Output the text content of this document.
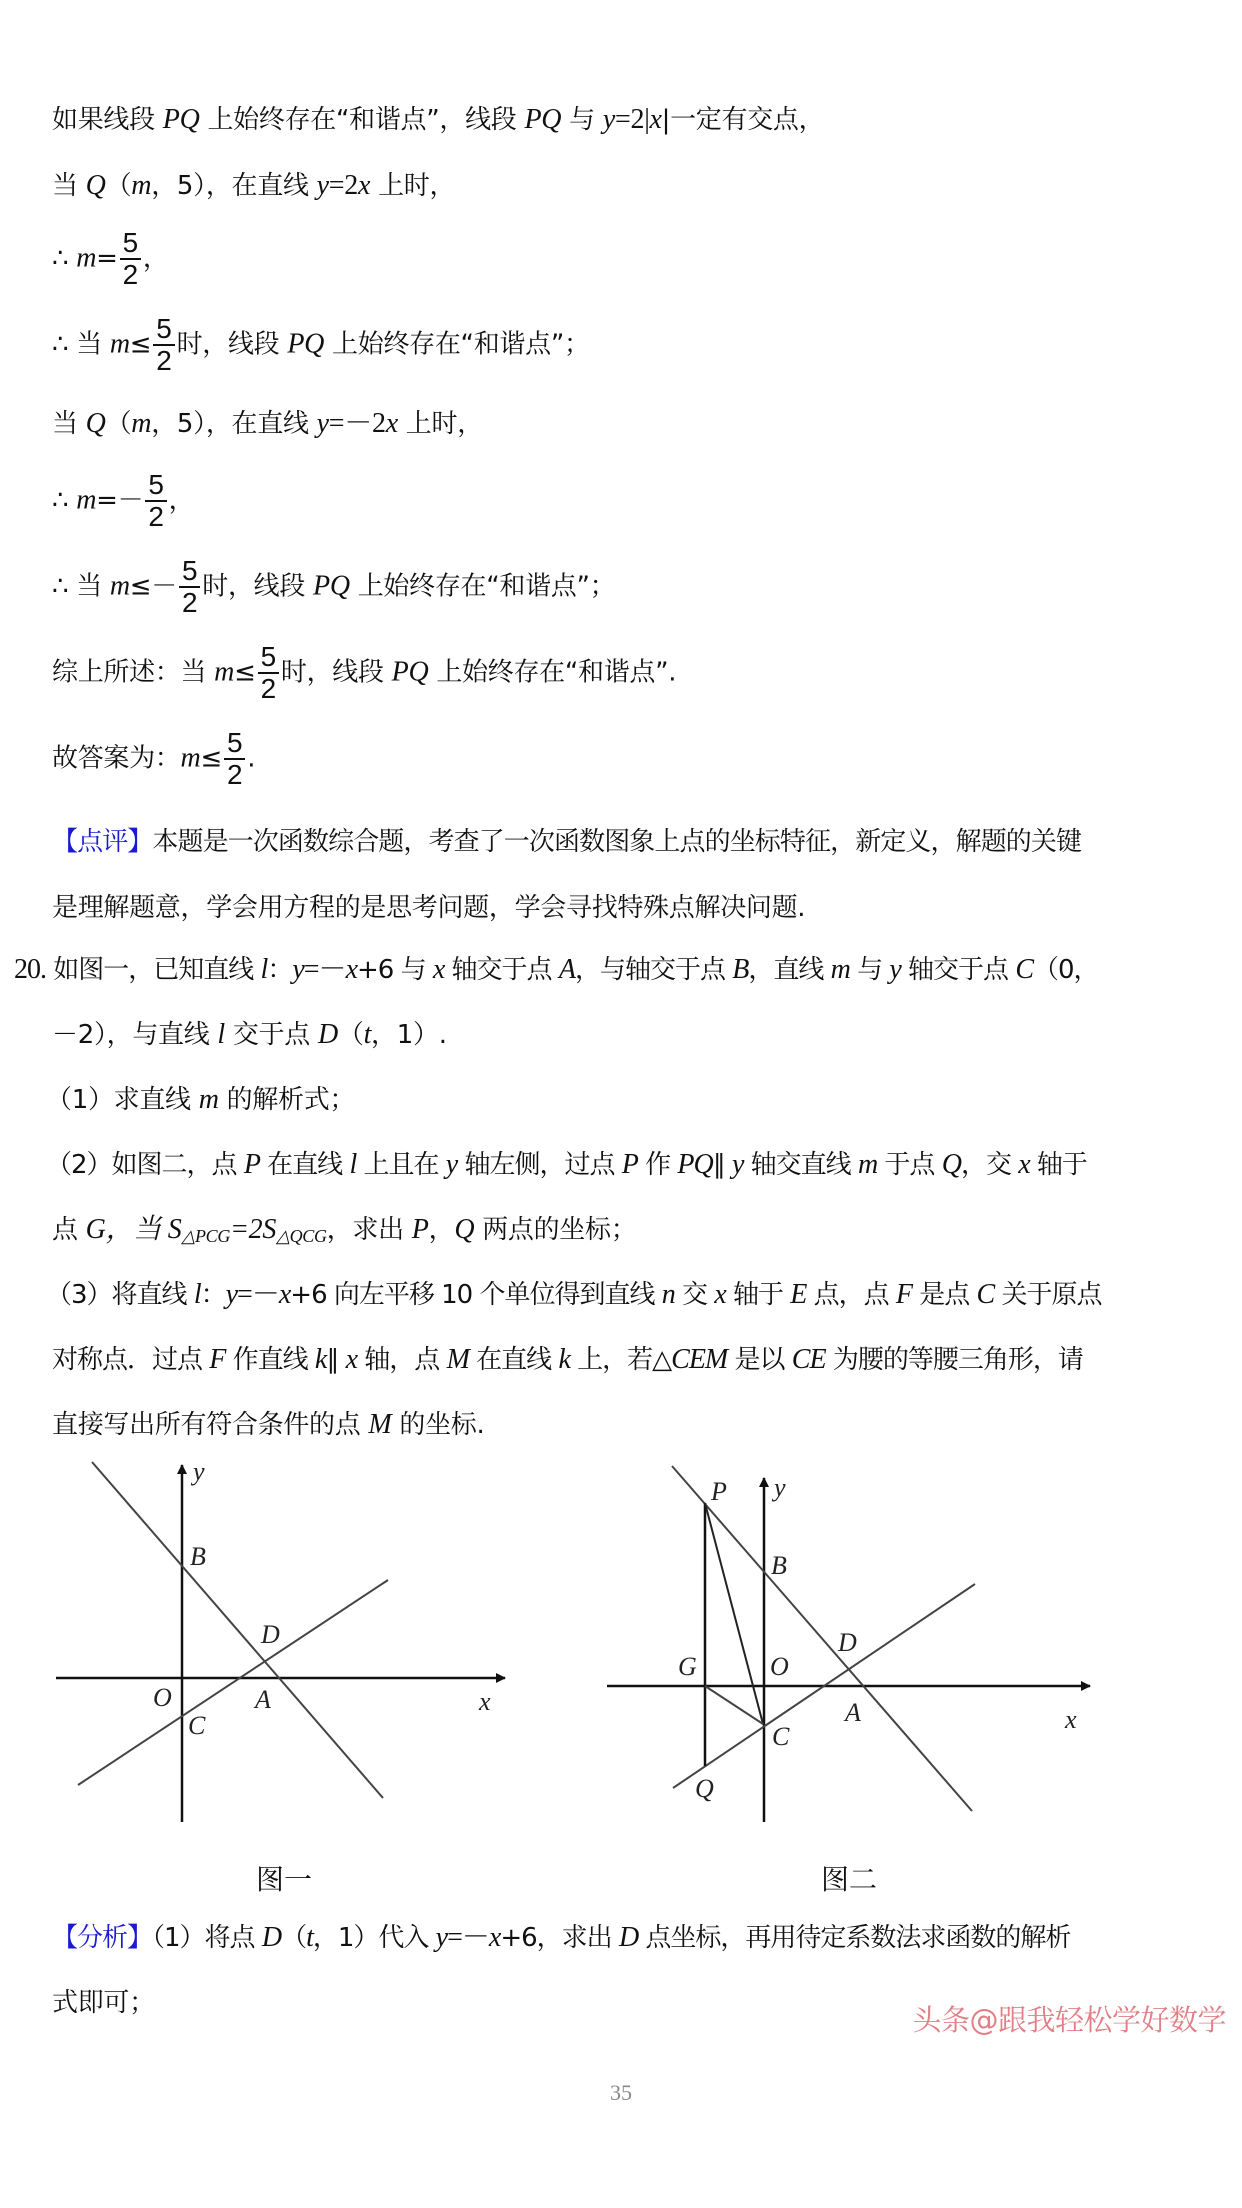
如果线段 PQ 上始终存在“和谐点”，线段 PQ 与 y=2|x|一定有交点，
当 Q（m，5），在直线 y=2x 上时，
∴ $m= \frac{5}{2}$ ，
∴ 当 $m\le \frac{5}{2}$ 时，线段 PQ 上始终存在“和谐点”；
当 Q（m，5），在直线 y=－2x 上时，
∴ $m=- \frac{5}{2}$ ，
∴ 当 $m\le- \frac{5}{2}$ 时，线段 PQ 上始终存在“和谐点”；
综上所述：当 $m\le \frac{5}{2}$ 时，线段 PQ 上始终存在“和谐点”.
故答案为：$m\le \frac{5}{2}$ .
【点评】本题是一次函数综合题，考查了一次函数图象上点的坐标特征，新定义，解题的关键
是理解题意，学会用方程的是思考问题，学会寻找特殊点解决问题.
20. 如图一，已知直线 l：y=－x+6 与 x 轴交于点 A，与轴交于点 B，直线 m 与 y 轴交于点 C（0，
－2），与直线 l 交于点 D（t，1）.
（1）求直线 m 的解析式；
（2）如图二，点 P 在直线 l 上且在 y 轴左侧，过点 P 作 PQ∥ y 轴交直线 m 于点 Q，交 x 轴于
点 G，当 $S_{\triangle PCG}=2S_{\triangle QCG}$，求出 P，Q 两点的坐标；
（3）将直线 l：y=－x+6 向左平移 10 个单位得到直线 n 交 x 轴于 E 点，点 F 是点 C 关于原点
对称点．过点 F 作直线 k∥ x 轴，点 M 在直线 k 上，若△CEM 是以 CE 为腰的等腰三角形，请
直接写出所有符合条件的点 M 的坐标.
y
B
D
O	A
C
x
P y
B
D
G	O
A
C
Q
x
图一	图二
【分析】（1）将点 D（t，1）代入 y=－x+6，求出 D 点坐标，再用待定系数法求函数的解析
式即可；	头条@跟我轻松学好数学
35
